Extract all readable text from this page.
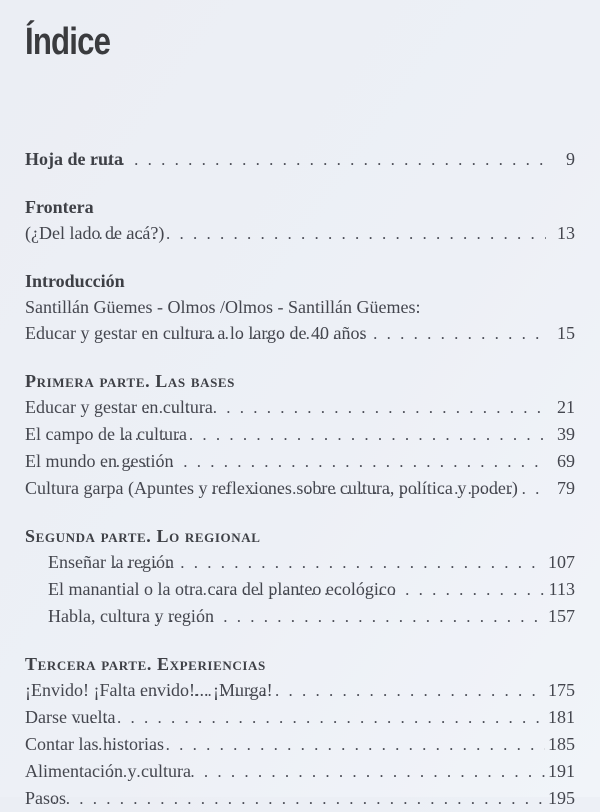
Índice
Hoja de ruta . . .	9
Frontera
(¿Del lado de acá?) . . .	13
Introducción
Santillán Güemes - Olmos /Olmos - Santillán Güemes:
Educar y gestar en cultura a lo largo de 40 años . . .	15
Primera parte. Las bases
Educar y gestar en cultura . . .	21
El campo de la cultura . . .	39
El mundo en gestión . . .	69
Cultura garpa (Apuntes y reflexiones sobre cultura, política y poder) . . .	79
Segunda parte. Lo regional
Enseñar la región . . .	107
El manantial o la otra cara del planteo ecológico . . .	113
Habla, cultura y región . . .	157
Tercera parte. Experiencias
¡Envido! ¡Falta envido!... ¡Murga! . . .	175
Darse vuelta . . .	181
Contar las historias . . .	185
Alimentación y cultura . . .	191
Pasos . . .	195
